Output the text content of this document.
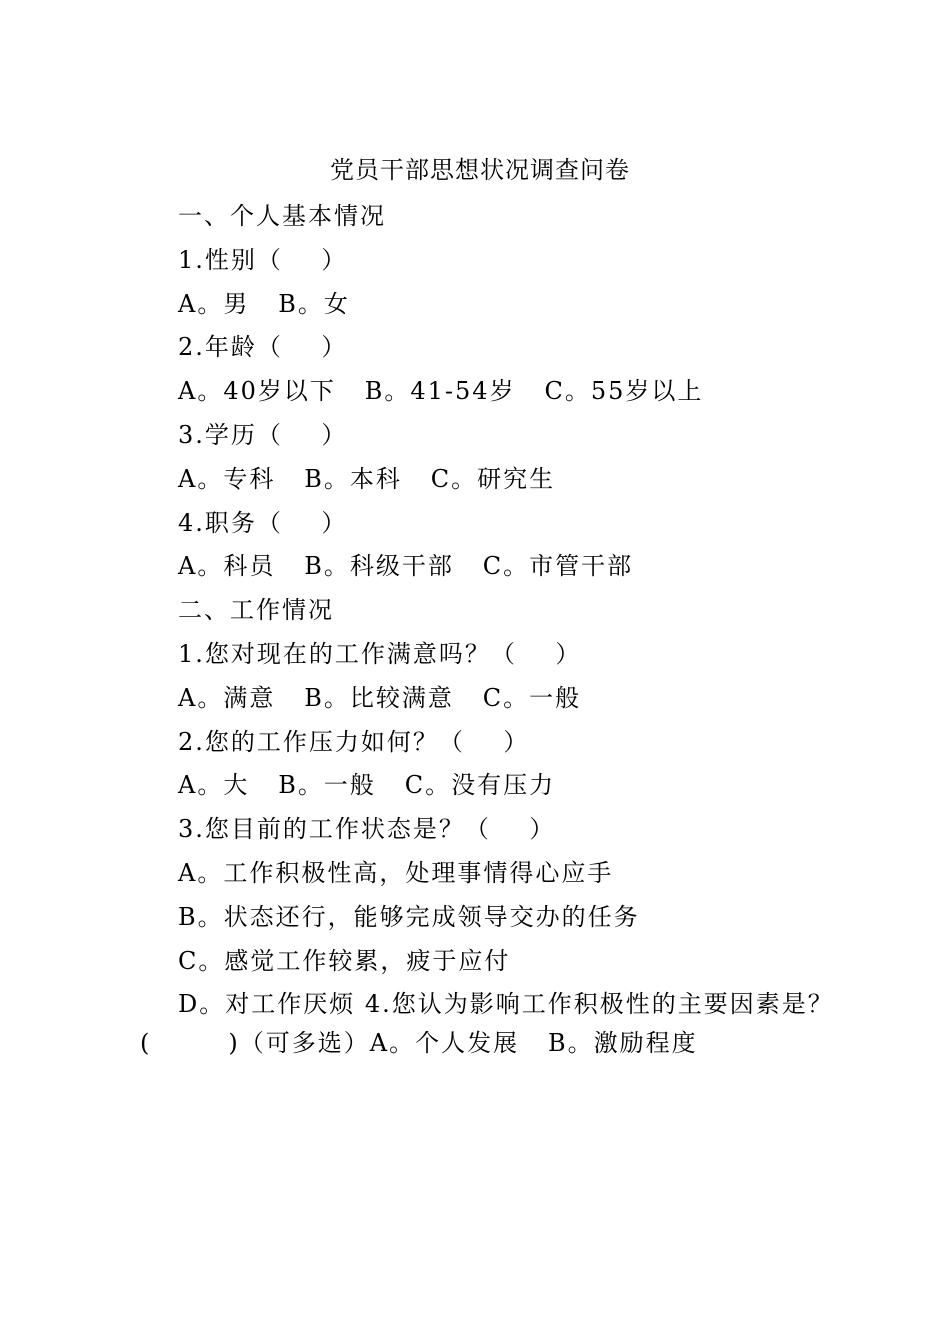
党员干部思想状况调查问卷
一、个人基本情况
1.性别（    ）
A。男   B。女
2.年龄（    ）
A。40岁以下   B。41-54岁   C。55岁以上
3.学历（    ）
A。专科   B。本科   C。研究生
4.职务（    ）
A。科员   B。科级干部   C。市管干部
二、工作情况
1.您对现在的工作满意吗？（    ）
A。满意   B。比较满意   C。一般
2.您的工作压力如何？（    ）
A。大   B。一般   C。没有压力
3.您目前的工作状态是？（    ）
A。工作积极性高，处理事情得心应手
B。状态还行，能够完成领导交办的任务
C。感觉工作较累，疲于应付
D。对工作厌烦 4.您认为影响工作积极性的主要因素是？
(        )（可多选）A。个人发展   B。激励程度
